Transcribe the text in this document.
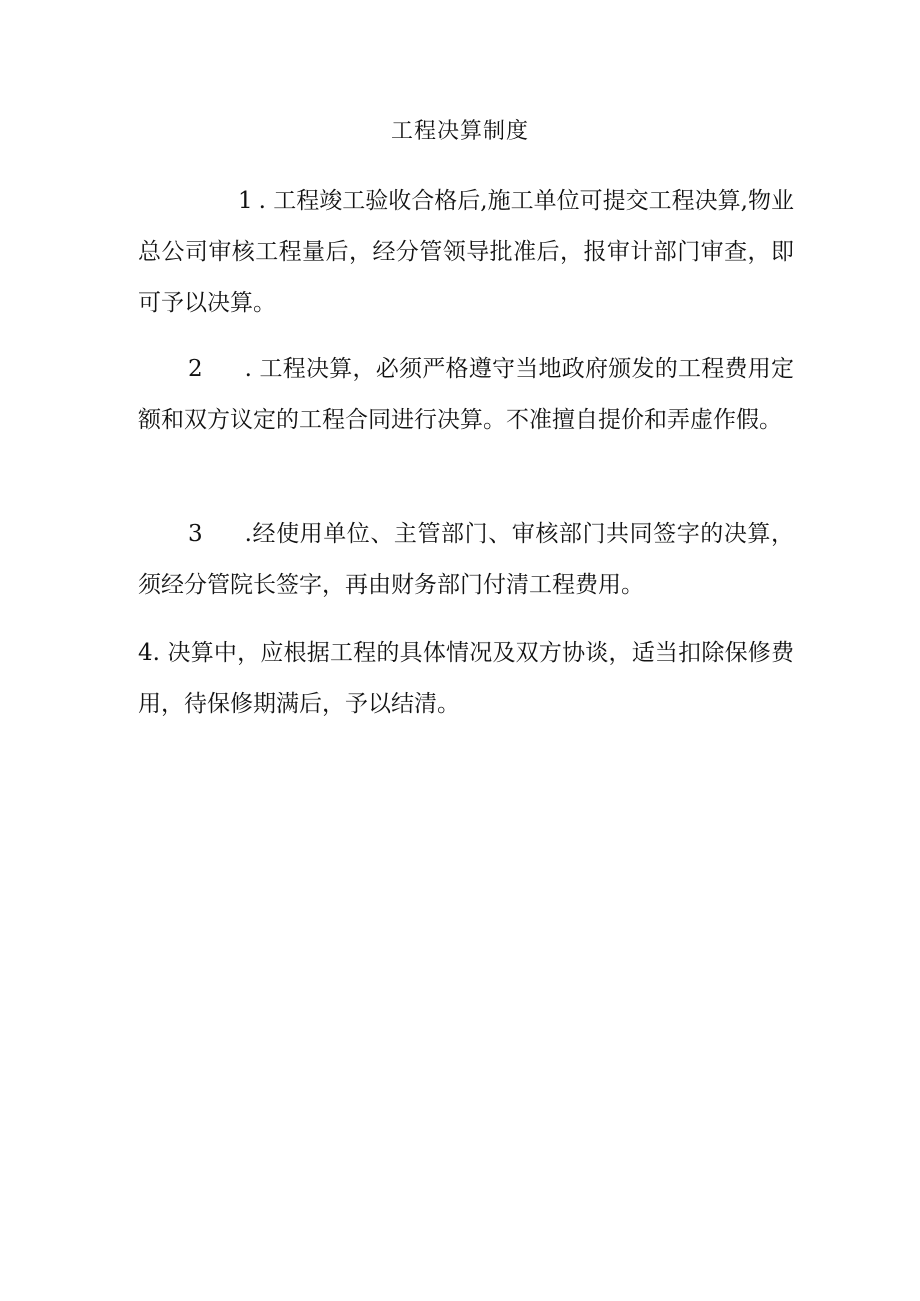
工程决算制度

1 . 工程竣工验收合格后,施工单位可提交工程决算,物业总公司审核工程量后，经分管领导批准后，报审计部门审查，即可予以决算。

2 . 工程决算，必须严格遵守当地政府颁发的工程费用定额和双方议定的工程合同进行决算。不准擅自提价和弄虚作假。

3 .经使用单位、主管部门、审核部门共同签字的决算，须经分管院长签字，再由财务部门付清工程费用。

4. 决算中，应根据工程的具体情况及双方协谈，适当扣除保修费用，待保修期满后，予以结清。
